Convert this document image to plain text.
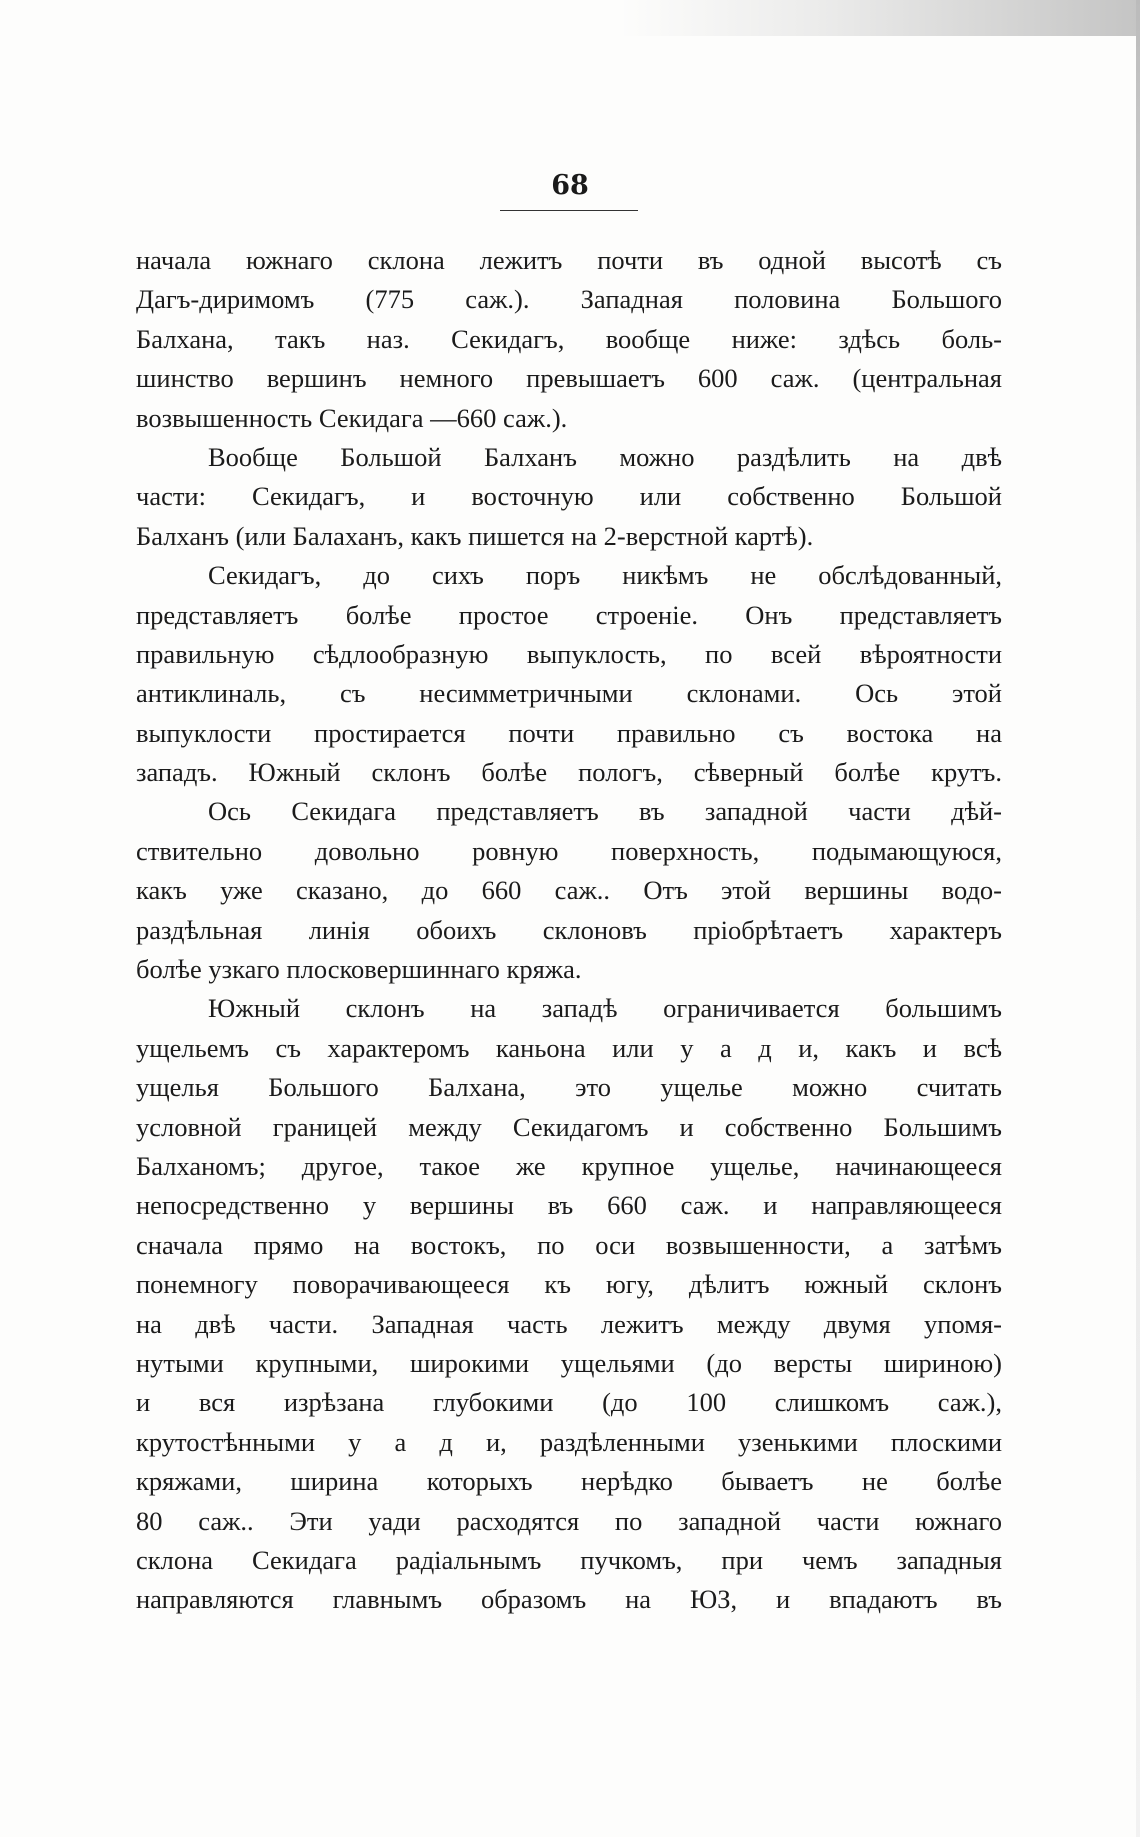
68
начала южнаго склона лежитъ почти въ одной высотѣ съ
Дагъ-диримомъ (775 саж.). Западная половина Большого
Балхана, такъ наз. Секидагъ, вообще ниже: здѣсь боль-
шинство вершинъ немного превышаетъ 600 саж. (центральная
возвышенность Секидага —660 саж.).
Вообще Большой Балханъ можно раздѣлить на двѣ
части: Секидагъ, и восточную или собственно Большой
Балханъ (или Балаханъ, какъ пишется на 2-верстной картѣ).
Секидагъ, до сихъ поръ никѣмъ не обслѣдованный,
представляетъ болѣе простое строеніе. Онъ представляетъ
правильную сѣдлообразную выпуклость, по всей вѣроятности
антиклиналь, съ несимметричными склонами. Ось этой
выпуклости простирается почти правильно съ востока на
западъ. Южный склонъ болѣе пологъ, сѣверный болѣе крутъ.
Ось Секидага представляетъ въ западной части дѣй-
ствительно довольно ровную поверхность, подымающуюся,
какъ уже сказано, до 660 саж.. Отъ этой вершины водо-
раздѣльная линія обоихъ склоновъ пріобрѣтаетъ характеръ
болѣе узкаго плосковершиннаго кряжа.
Южный склонъ на западѣ ограничивается большимъ
ущельемъ съ характеромъ каньона или у а д и, какъ и всѣ
ущелья Большого Балхана, это ущелье можно считать
условной границей между Секидагомъ и собственно Большимъ
Балханомъ; другое, такое же крупное ущелье, начинающееся
непосредственно у вершины въ 660 саж. и направляющееся
сначала прямо на востокъ, по оси возвышенности, а затѣмъ
понемногу поворачивающееся къ югу, дѣлитъ южный склонъ
на двѣ части. Западная часть лежитъ между двумя упомя-
нутыми крупными, широкими ущельями (до версты шириною)
и вся изрѣзана глубокими (до 100 слишкомъ саж.),
крутостѣнными у а д и, раздѣленными узенькими плоскими
кряжами, ширина которыхъ нерѣдко бываетъ не болѣе
80 саж.. Эти уади расходятся по западной части южнаго
склона Секидага радіальнымъ пучкомъ, при чемъ западныя
направляются главнымъ образомъ на ЮЗ, и впадаютъ въ
